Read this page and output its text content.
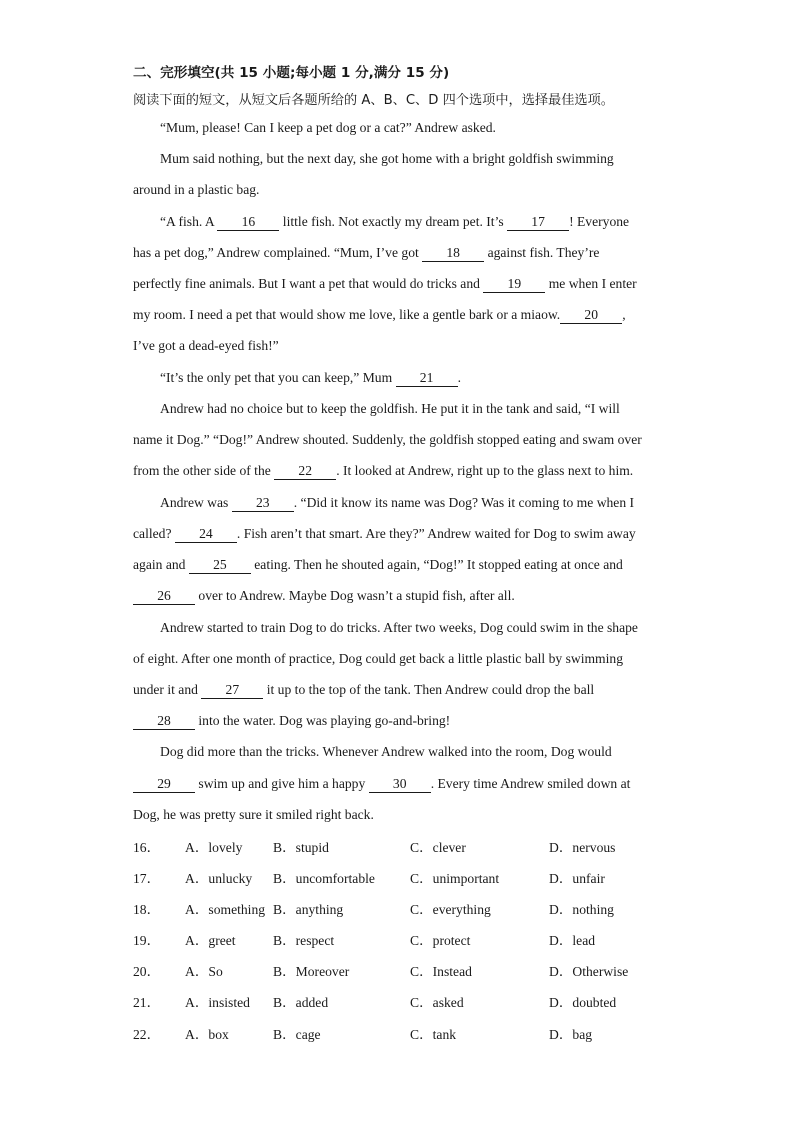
二、完形填空(共 15 小题;每小题 1 分,满分 15 分)
阅读下面的短文，从短文后各题所给的 A、B、C、D 四个选项中，选择最佳选项。
“Mum, please! Can I keep a pet dog or a cat?” Andrew asked.
Mum said nothing, but the next day, she got home with a bright goldfish swimming
around in a plastic bag.
“A fish. A 16 little fish. Not exactly my dream pet. It’s 17 ! Everyone
has a pet dog,” Andrew complained. “Mum, I’ve got 18 against fish. They’re
perfectly fine animals. But I want a pet that would do tricks and 19 me when I enter
my room. I need a pet that would show me love, like a gentle bark or a miaow. 20 ,
I’ve got a dead-eyed fish!”
“It’s the only pet that you can keep,” Mum 21 .
Andrew had no choice but to keep the goldfish. He put it in the tank and said, “I will
name it Dog.” “Dog!” Andrew shouted. Suddenly, the goldfish stopped eating and swam over
from the other side of the 22 . It looked at Andrew, right up to the glass next to him.
Andrew was 23 . “Did it know its name was Dog? Was it coming to me when I
called? 24 . Fish aren’t that smart. Are they?” Andrew waited for Dog to swim away
again and 25 eating. Then he shouted again, “Dog!” It stopped eating at once and
26 over to Andrew. Maybe Dog wasn’t a stupid fish, after all.
Andrew started to train Dog to do tricks. After two weeks, Dog could swim in the shape
of eight. After one month of practice, Dog could get back a little plastic ball by swimming
under it and 27 it up to the top of the tank. Then Andrew could drop the ball
28 into the water. Dog was playing go-and-bring!
Dog did more than the tricks. Whenever Andrew walked into the room, Dog would
29 swim up and give him a happy 30 . Every time Andrew smiled down at
Dog, he was pretty sure it smiled right back.
16． A．lovely B．stupid	C．clever	D．nervous
17． A．unlucky B．uncomfortable	C．unimportant	D．unfair
18． A．something B．anything	C．everything	D．nothing
19． A．greet	B．respect	C．protect	D．lead
20． A．So	B．Moreover	C．Instead	D．Otherwise
21． A．insisted B．added	C．asked	D．doubted
22． A．box	B．cage	C．tank	D．bag
